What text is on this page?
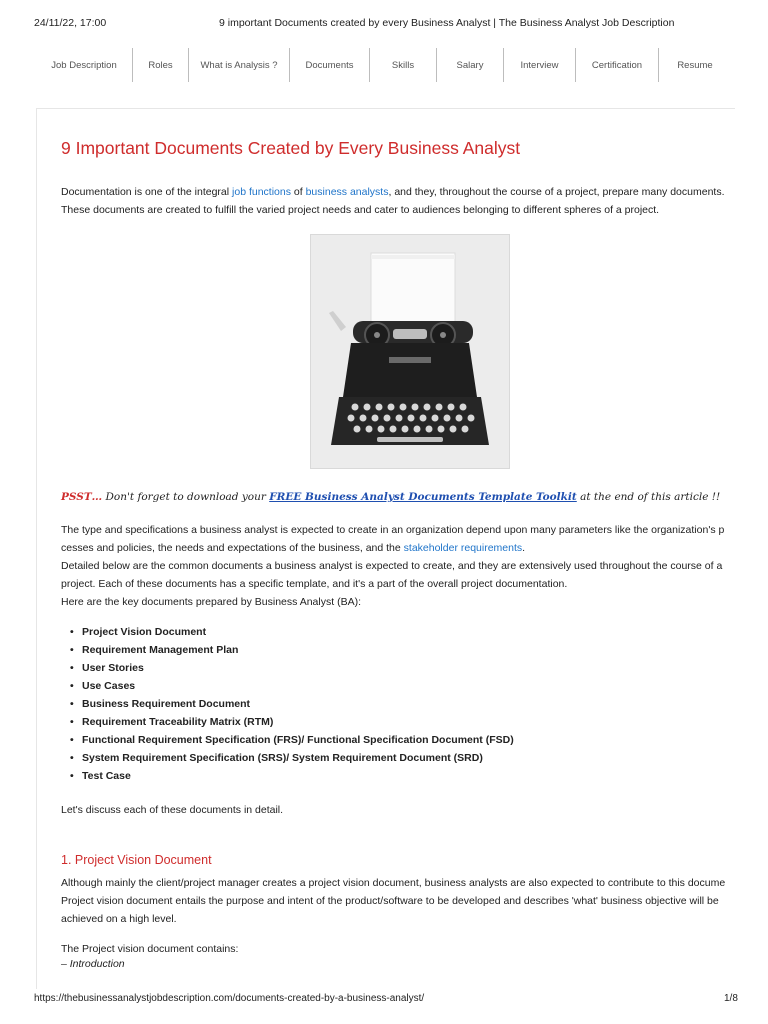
24/11/22, 17:00	9 important Documents created by every Business Analyst | The Business Analyst Job Description
Job Description	Roles	What is Analysis ?	Documents	Skills	Salary	Interview	Certification	Resume
9 Important Documents Created by Every Business Analyst

Documentation is one of the integral job functions of business analysts, and they, throughout the course of a project, prepare many documents.

These documents are created to fulfill the varied project needs and cater to audiences belonging to different spheres of a project.

PSST… Don't forget to download your FREE Business Analyst Documents Template Toolkit at the end of this article !!

The type and specifications a business analyst is expected to create in an organization depend upon many parameters like the organization's p

cesses and policies, the needs and expectations of the business, and the stakeholder requirements.

Detailed below are the common documents a business analyst is expected to create, and they are extensively used throughout the course of a

project. Each of these documents has a specific template, and it's a part of the overall project documentation.

Here are the key documents prepared by Business Analyst (BA):

• Project Vision Document
• Requirement Management Plan
• User Stories
• Use Cases
• Business Requirement Document
• Requirement Traceability Matrix (RTM)
• Functional Requirement Specification (FRS)/ Functional Specification Document (FSD)
• System Requirement Specification (SRS)/ System Requirement Document (SRD)
• Test Case

Let's discuss each of these documents in detail.

1. Project Vision Document

Although mainly the client/project manager creates a project vision document, business analysts are also expected to contribute to this docume

Project vision document entails the purpose and intent of the product/software to be developed and describes 'what' business objective will be

achieved on a high level.

The Project vision document contains:

– Introduction
https://thebusinessanalystjobdescription.com/documents-created-by-a-business-analyst/	1/8
